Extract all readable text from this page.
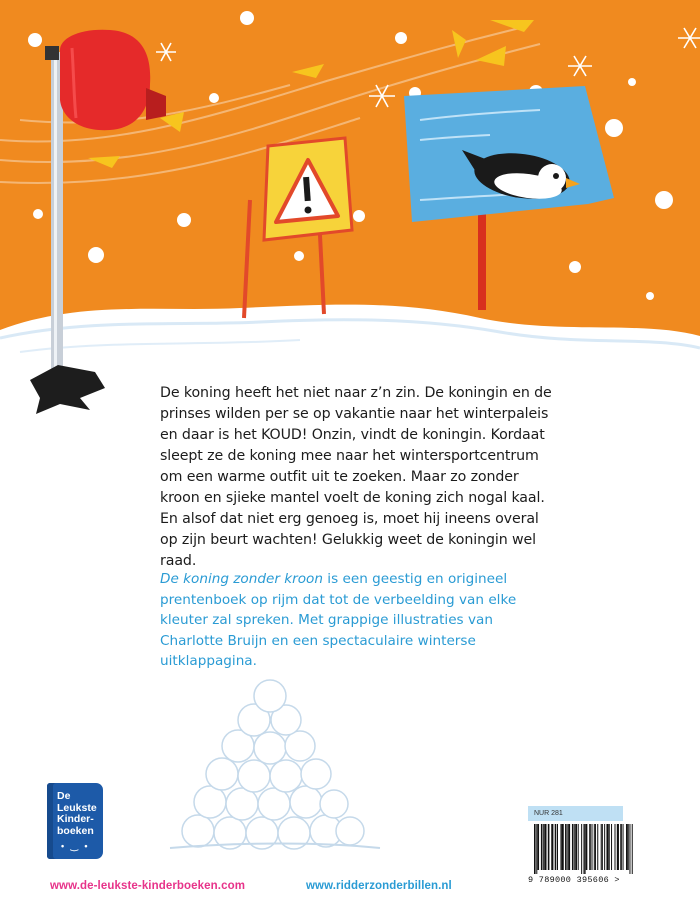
De koning heeft het niet naar z’n zin. De koningin en de prinses wilden per se op vakantie naar het winterpaleis en daar is het KOUD! Onzin, vindt de koningin. Kordaat sleept ze de koning mee naar het wintersportcentrum om een warme outfit uit te zoeken. Maar zo zonder kroon en sjieke mantel voelt de koning zich nogal kaal. En alsof dat niet erg genoeg is, moet hij ineens overal op zijn beurt wachten! Gelukkig weet de koningin wel raad.

De koning zonder kroon is een geestig en origineel prentenboek op rijm dat tot de verbeelding van elke kleuter zal spreken. Met grappige illustraties van Charlotte Bruijn en een spectaculaire winterse uitklappagina.
De
Leukste
Kinder-
boeken
• ‿ •
www.de-leukste-kinderboeken.com	www.ridderzonderbillen.nl
NUR 281
9 789000 395606 >
